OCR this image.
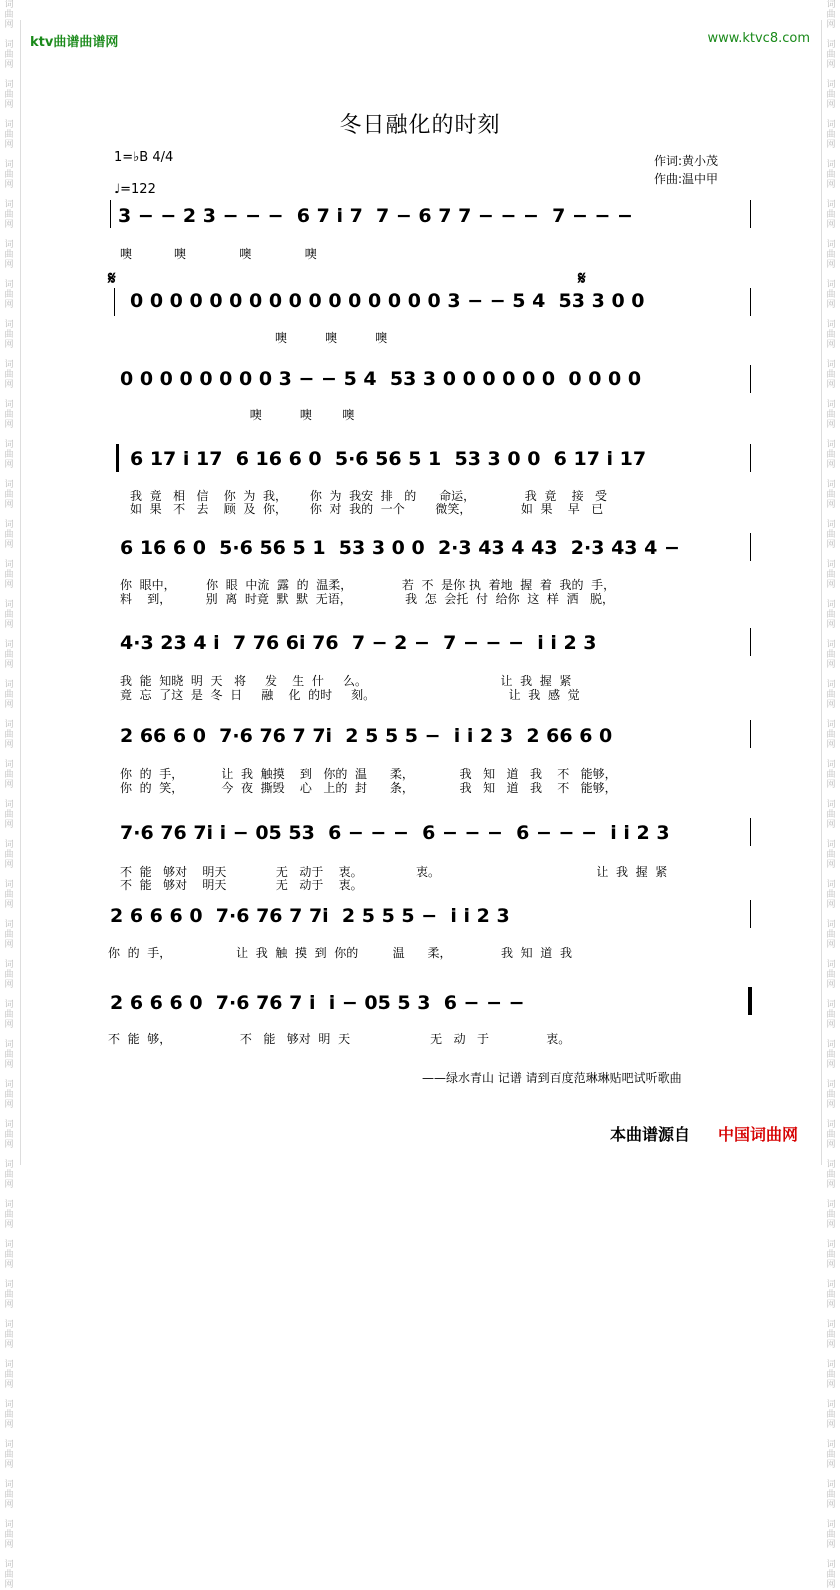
词曲网

词曲网

词曲网

词曲网

词曲网

词曲网

词曲网

词曲网

词曲网

词曲网

词曲网

词曲网

词曲网

词曲网

词曲网

词曲网

词曲网

词曲网

词曲网

词曲网

词曲网

词曲网

词曲网

词曲网

词曲网

词曲网

词曲网

词曲网

词曲网

词曲网

词曲网

词曲网

词曲网

词曲网

词曲网

词曲网

词曲网

词曲网

词曲网

词曲网

词曲网

词曲网

词曲网

词曲网

词曲网

词曲网

词曲网

词曲网

词曲网

词曲网

词曲网

词曲网

词曲网

词曲网

词曲网

词曲网

词曲网

词曲网

词曲网

词曲网

词曲网

词曲网

词曲网

词曲网

词曲网

词曲网

词曲网

词曲网

词曲网

词曲网

词曲网

词曲网

词曲网

词曲网

词曲网

词曲网

词曲网

词曲网

词曲网

词曲网

ktv曲谱曲谱网	www.ktvc8.com
冬日融化的时刻
1=♭B 4/4
♩=122
作词:黄小茂
作曲:温中甲
𝄋	𝄋
3 − − 2 3 − − −  6 7 i 7  7 − 6 7 7 − − −  7 − − −
噢           噢              噢              噢
0 0 0 0 0 0 0 0 0 0 0 0 0 0 0 0 3 − − 5 4  53 3 0 0
噢          噢          噢
0 0 0 0 0 0 0 0 3 − − 5 4  53 3 0 0 0 0 0 0  0 0 0 0
噢          噢        噢
6 17 i 17  6 16 6 0  5·6 56 5 1  53 3 0 0  6 17 i 17
我  竟   相   信    你  为  我，      你  为  我安  排   的      命运，             我  竟    接   受
如  果   不   去    顾  及  你，      你  对  我的  一个        微笑，             如  果    早   已
6 16 6 0  5·6 56 5 1  53 3 0 0  2·3 43 4 43  2·3 43 4 −
你  眼中，        你  眼  中流  露  的  温柔，             若  不  是你 执  着地  握  着  我的  手，
料    到，         别  离  时竟  默  默  无语，              我  怎  会托  付  给你  这  样  洒   脱，
4·3 23 4 i  7 76 6i 76  7 − 2 −  7 − − −  i i 2 3
我  能  知晓  明  天   将     发    生  什     么。                                   让  我  握  紧
竟  忘  了这  是  冬  日     融    化  的时     刻。                                   让  我  感  觉
2 66 6 0  7·6 76 7 7i  2 5 5 5 −  i i 2 3  2 66 6 0
你  的  手，          让  我  触摸    到   你的  温      柔，            我   知   道   我    不   能够，
你  的  笑，          今  夜  撕毁    心   上的  封      条，            我   知   道   我    不   能够，
7·6 76 7i i − 05 53  6 − − −  6 − − −  6 − − −  i i 2 3
不  能   够对    明天             无   动于    衷。              衷。                                         让  我  握  紧
不  能   够对    明天             无   动于    衷。
2 6 6 6 0  7·6 76 7 7i  2 5 5 5 −  i i 2 3
你  的  手，                 让  我  触  摸  到  你的         温      柔，             我  知  道  我
2 6 6 6 0  7·6 76 7 i  i − 05 5 3  6 − − −
不  能  够，                  不   能   够对  明  天                     无   动   于               衷。
——绿水青山 记谱 请到百度范琳琳贴吧试听歌曲
本曲谱源自 中国词曲网
